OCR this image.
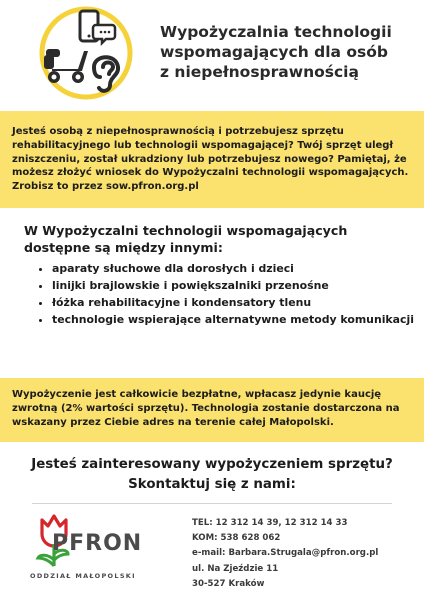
Wypożyczalnia technologii
wspomagających dla osób
z niepełnosprawnością

Jesteś osobą z niepełnosprawnością i potrzebujesz sprzętu rehabilitacyjnego lub technologii wspomagającej? Twój sprzęt uległ zniszczeniu, został ukradziony lub potrzebujesz nowego? Pamiętaj, że możesz złożyć wniosek do Wypożyczalni technologii wspomagających. Zrobisz to przez sow.pfron.org.pl

W Wypożyczalni technologii wspomagających dostępne są między innymi:
• aparaty słuchowe dla dorosłych i dzieci
• linijki brajlowskie i powiększalniki przenośne
• łóżka rehabilitacyjne i kondensatory tlenu
• technologie wspierające alternatywne metody komunikacji

Wypożyczenie jest całkowicie bezpłatne, wpłacasz jedynie kaucję zwrotną (2% wartości sprzętu). Technologia zostanie dostarczona na wskazany przez Ciebie adres na terenie całej Małopolski.

Jesteś zainteresowany wypożyczeniem sprzętu?
Skontaktuj się z nami:
PFRON
ODDZIAŁ MAŁOPOLSKI
TEL: 12 312 14 39, 12 312 14 33
KOM: 538 628 062
e-mail: Barbara.Strugala@pfron.org.pl
ul. Na Zjeździe 11
30-527 Kraków
